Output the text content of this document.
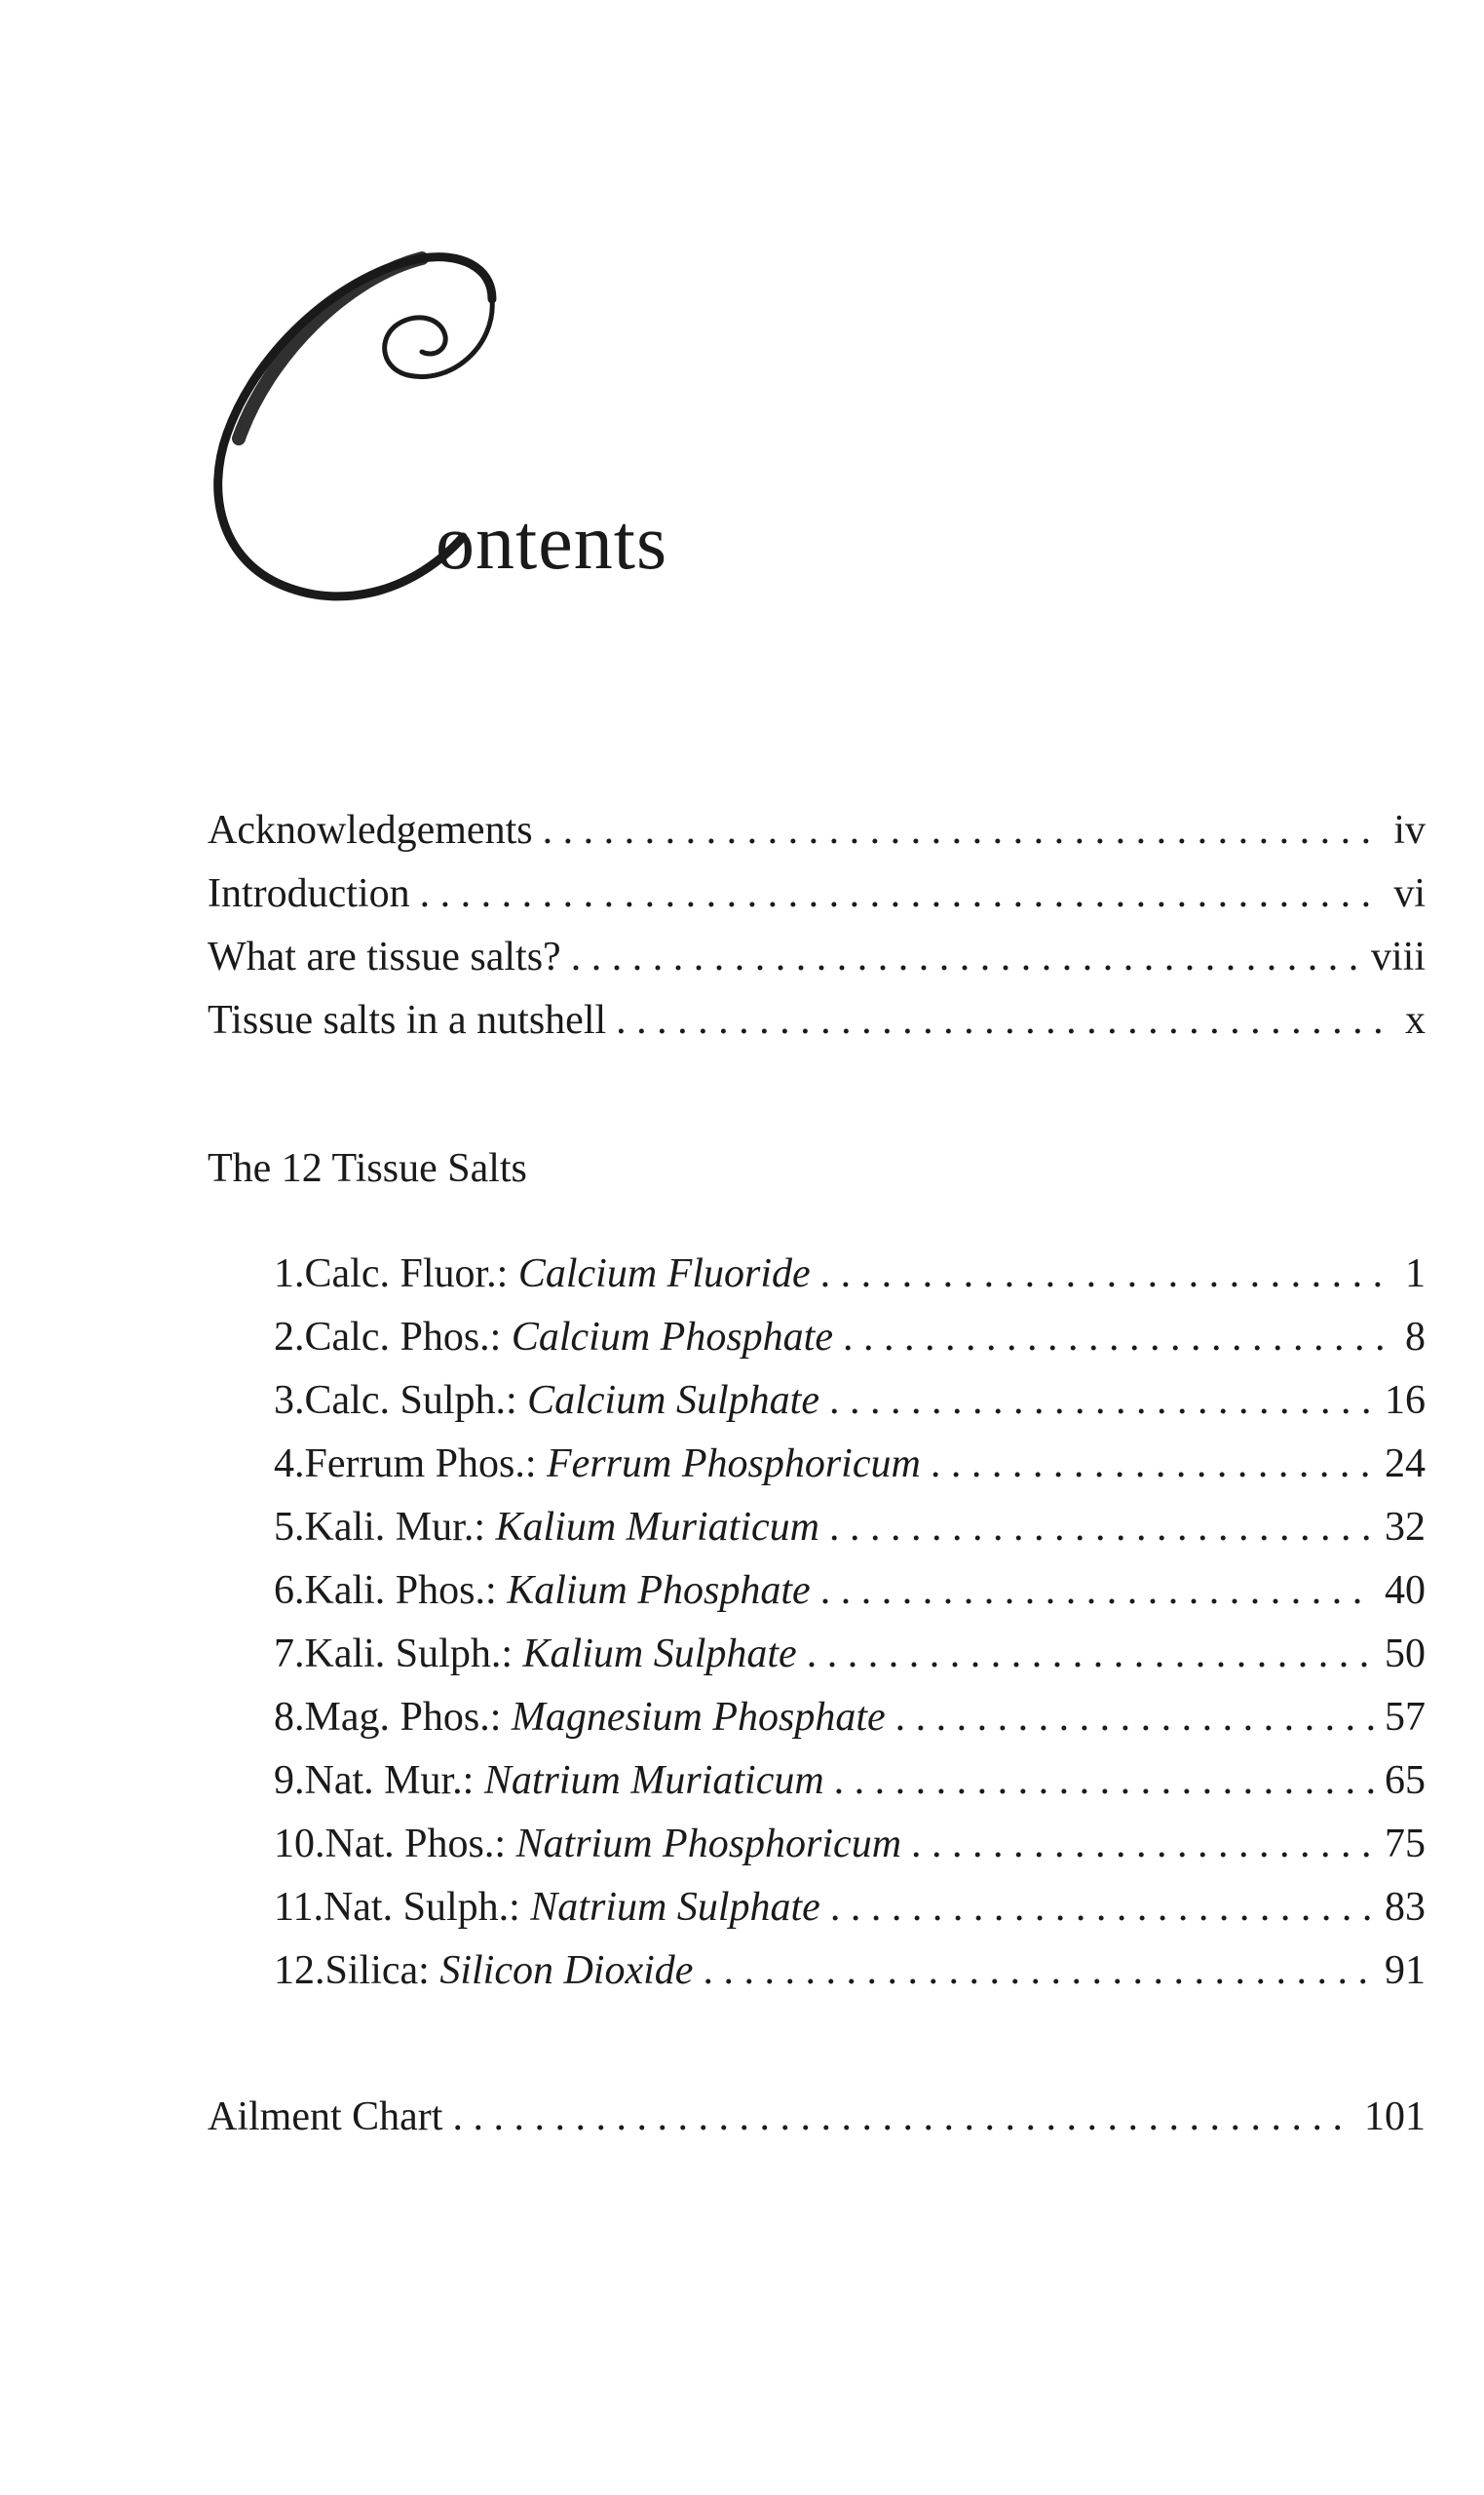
ontents
Acknowledgements . . .	iv
Introduction . . .	vi
What are tissue salts? . . .	viii
Tissue salts in a nutshell . . .	x
The 12 Tissue Salts
1. Calc. Fluor.: Calcium Fluoride . . .	1
2. Calc. Phos.: Calcium Phosphate . . .	8
3. Calc. Sulph.: Calcium Sulphate . . .	16
4. Ferrum Phos.: Ferrum Phosphoricum . . .	24
5. Kali. Mur.: Kalium Muriaticum . . .	32
6. Kali. Phos.: Kalium Phosphate . . .	40
7. Kali. Sulph.: Kalium Sulphate . . .	50
8. Mag. Phos.: Magnesium Phosphate . . .	57
9. Nat. Mur.: Natrium Muriaticum . . .	65
10. Nat. Phos.: Natrium Phosphoricum . . .	75
11. Nat. Sulph.: Natrium Sulphate . . .	83
12. Silica: Silicon Dioxide . . .	91
Ailment Chart . . .	101
